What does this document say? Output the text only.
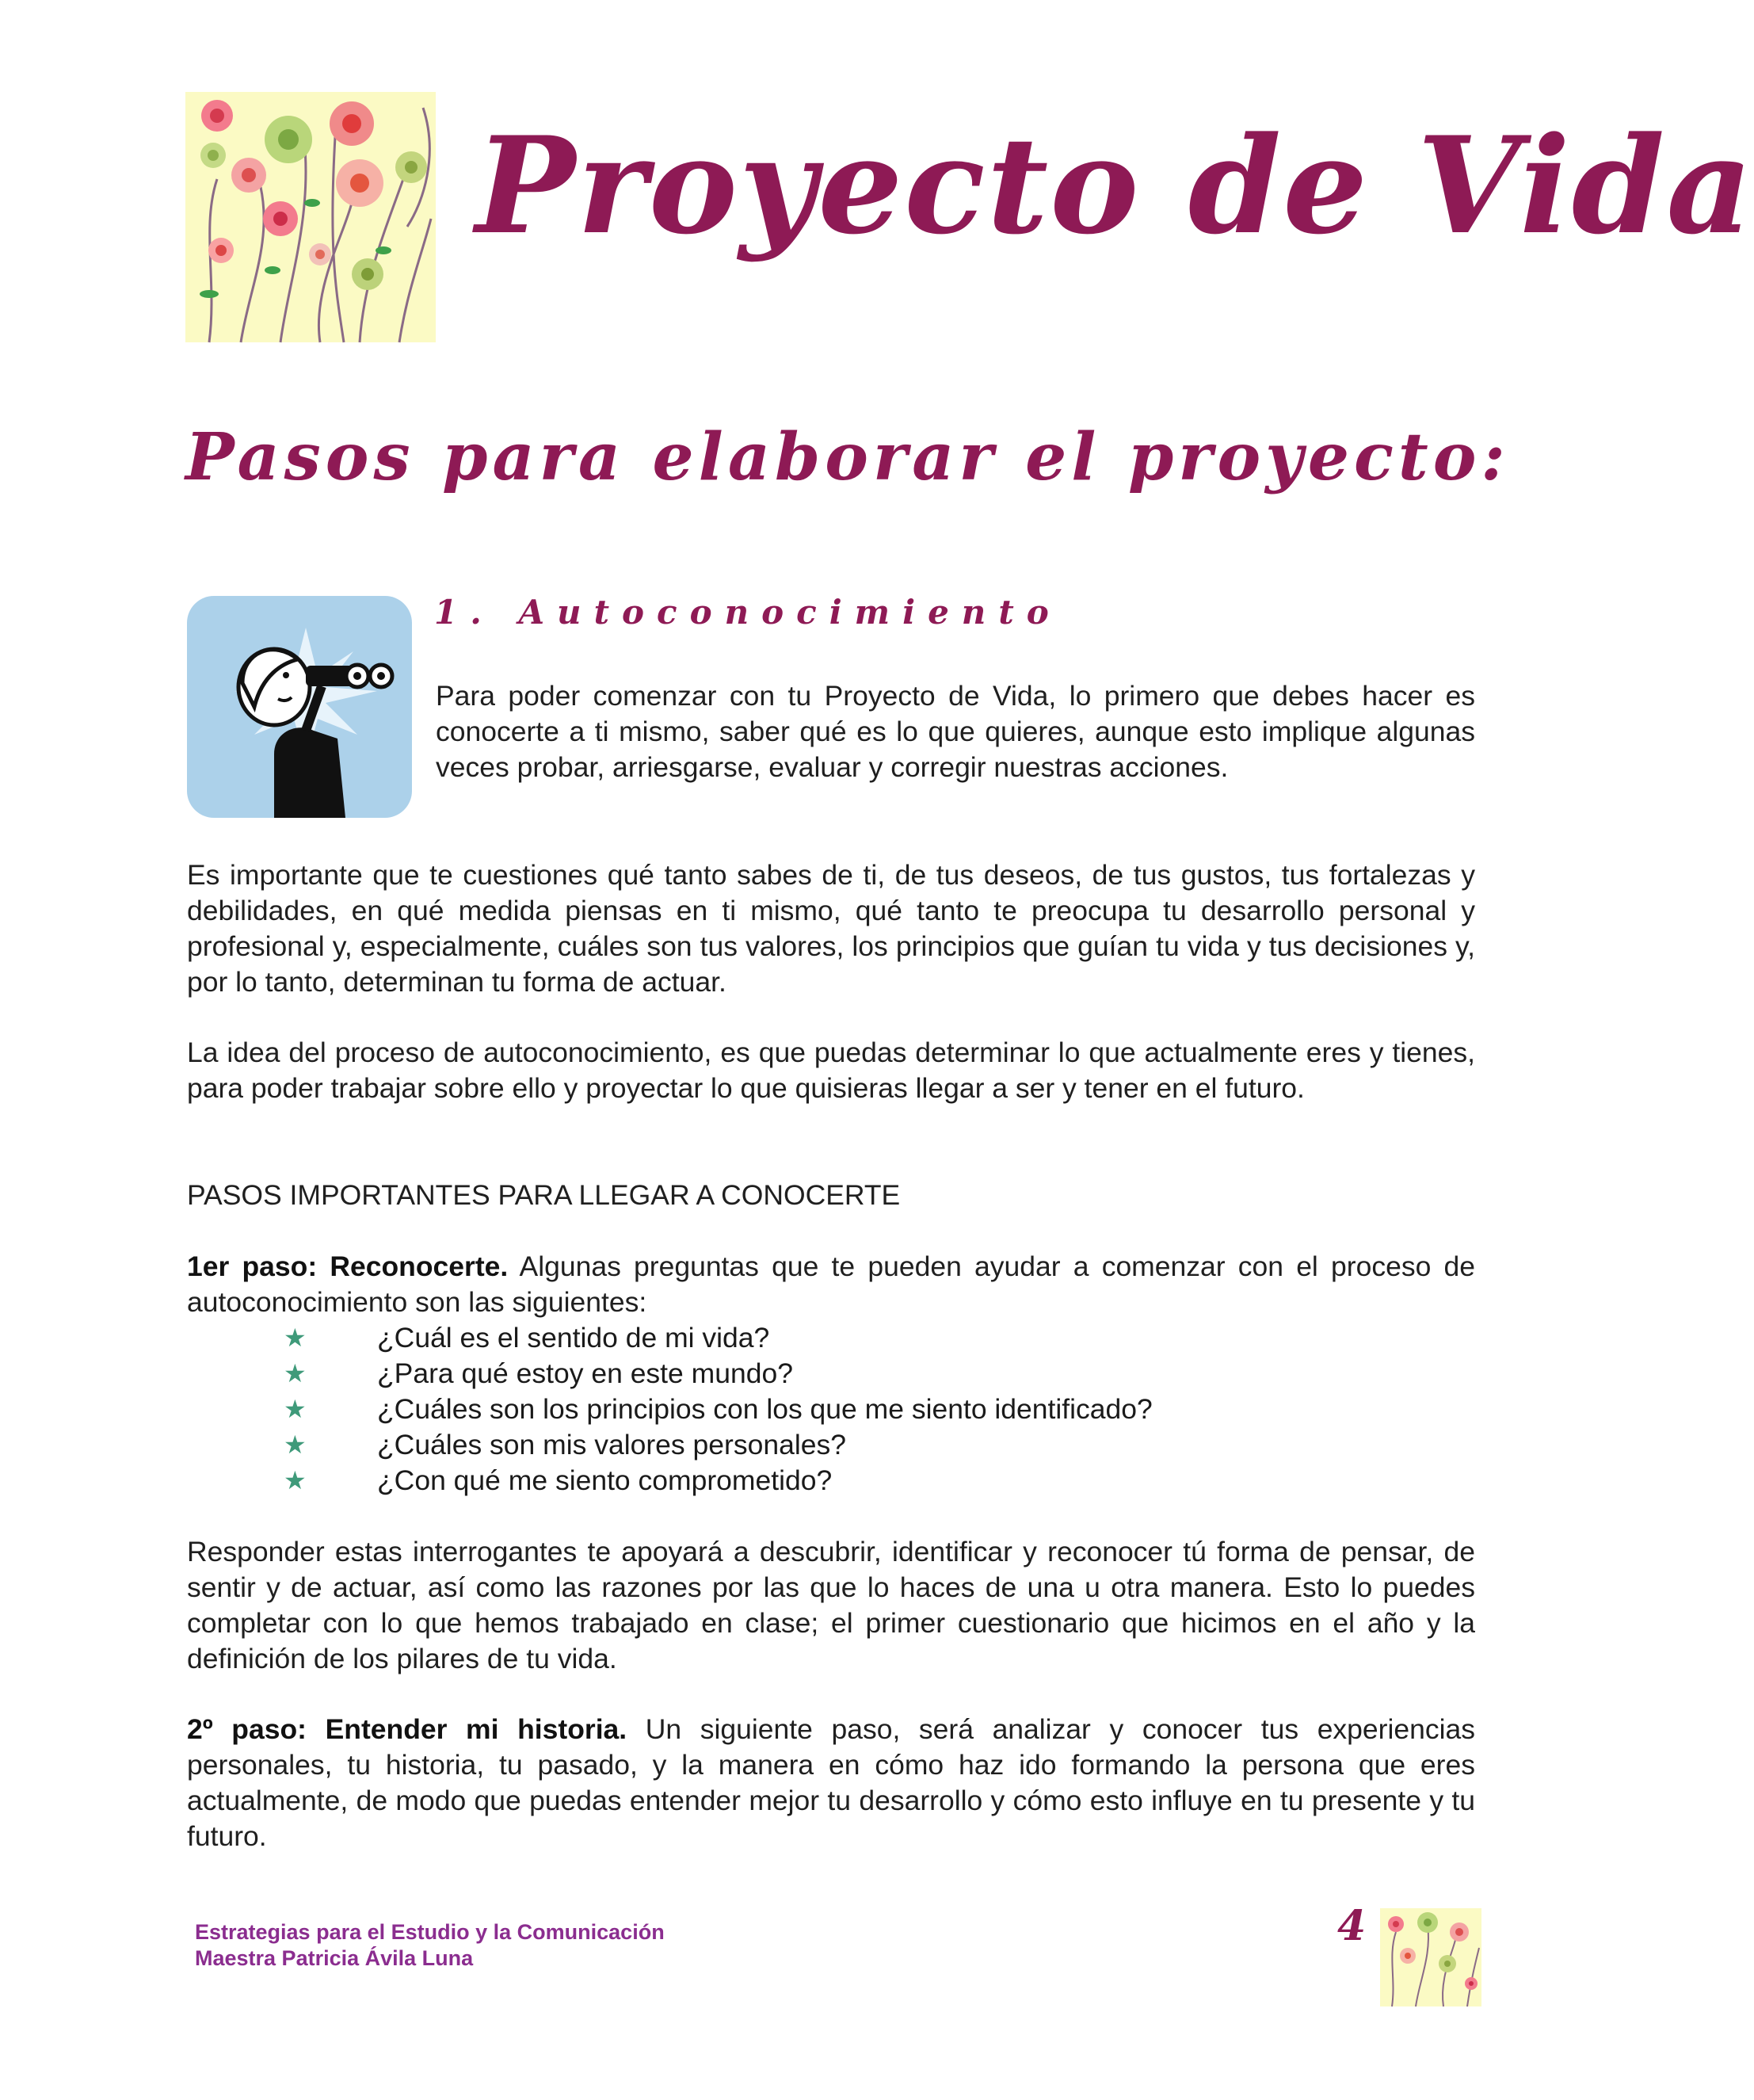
Proyecto de Vida
Pasos para elaborar el proyecto:
1. Autoconocimiento

Para poder comenzar con tu Proyecto de Vida, lo primero que debes hacer es conocerte a ti mismo, saber qué es lo que quieres, aunque esto implique algunas veces probar, arriesgarse, evaluar y corregir nuestras acciones.

Es importante que te cuestiones qué tanto sabes de ti, de tus deseos, de tus gustos, tus fortalezas y debilidades, en qué medida piensas en ti mismo, qué tanto te preocupa tu desarrollo personal y profesional y, especialmente, cuáles son tus valores, los principios que guían tu vida y tus decisiones y, por lo tanto, determinan tu forma de actuar.

La idea del proceso de autoconocimiento, es que puedas determinar lo que actualmente eres y tienes, para poder trabajar sobre ello y proyectar lo que quisieras llegar a ser y tener en el futuro.

PASOS IMPORTANTES PARA LLEGAR A CONOCERTE

1er paso: Reconocerte. Algunas preguntas que te pueden ayudar a comenzar con el proceso de autoconocimiento son las siguientes:

★	¿Cuál es el sentido de mi vida?
★	¿Para qué estoy en este mundo?
★	¿Cuáles son los principios con los que me siento identificado?
★	¿Cuáles son mis valores personales?
★	¿Con qué me siento comprometido?

Responder estas interrogantes te apoyará a descubrir, identificar y reconocer tú forma de pensar, de sentir y de actuar, así como las razones por las que lo haces de una u otra manera. Esto lo puedes completar con lo que hemos trabajado en clase; el primer cuestionario que hicimos en el año y la definición de los pilares de tu vida.

2º paso: Entender mi historia. Un siguiente paso, será analizar y conocer tus experiencias personales, tu historia, tu pasado, y la manera en cómo haz ido formando la persona que eres actualmente, de modo que puedas entender mejor tu desarrollo y cómo esto influye en tu presente y tu futuro.

Estrategias para el Estudio y la Comunicación
Maestra Patricia Ávila Luna
4
